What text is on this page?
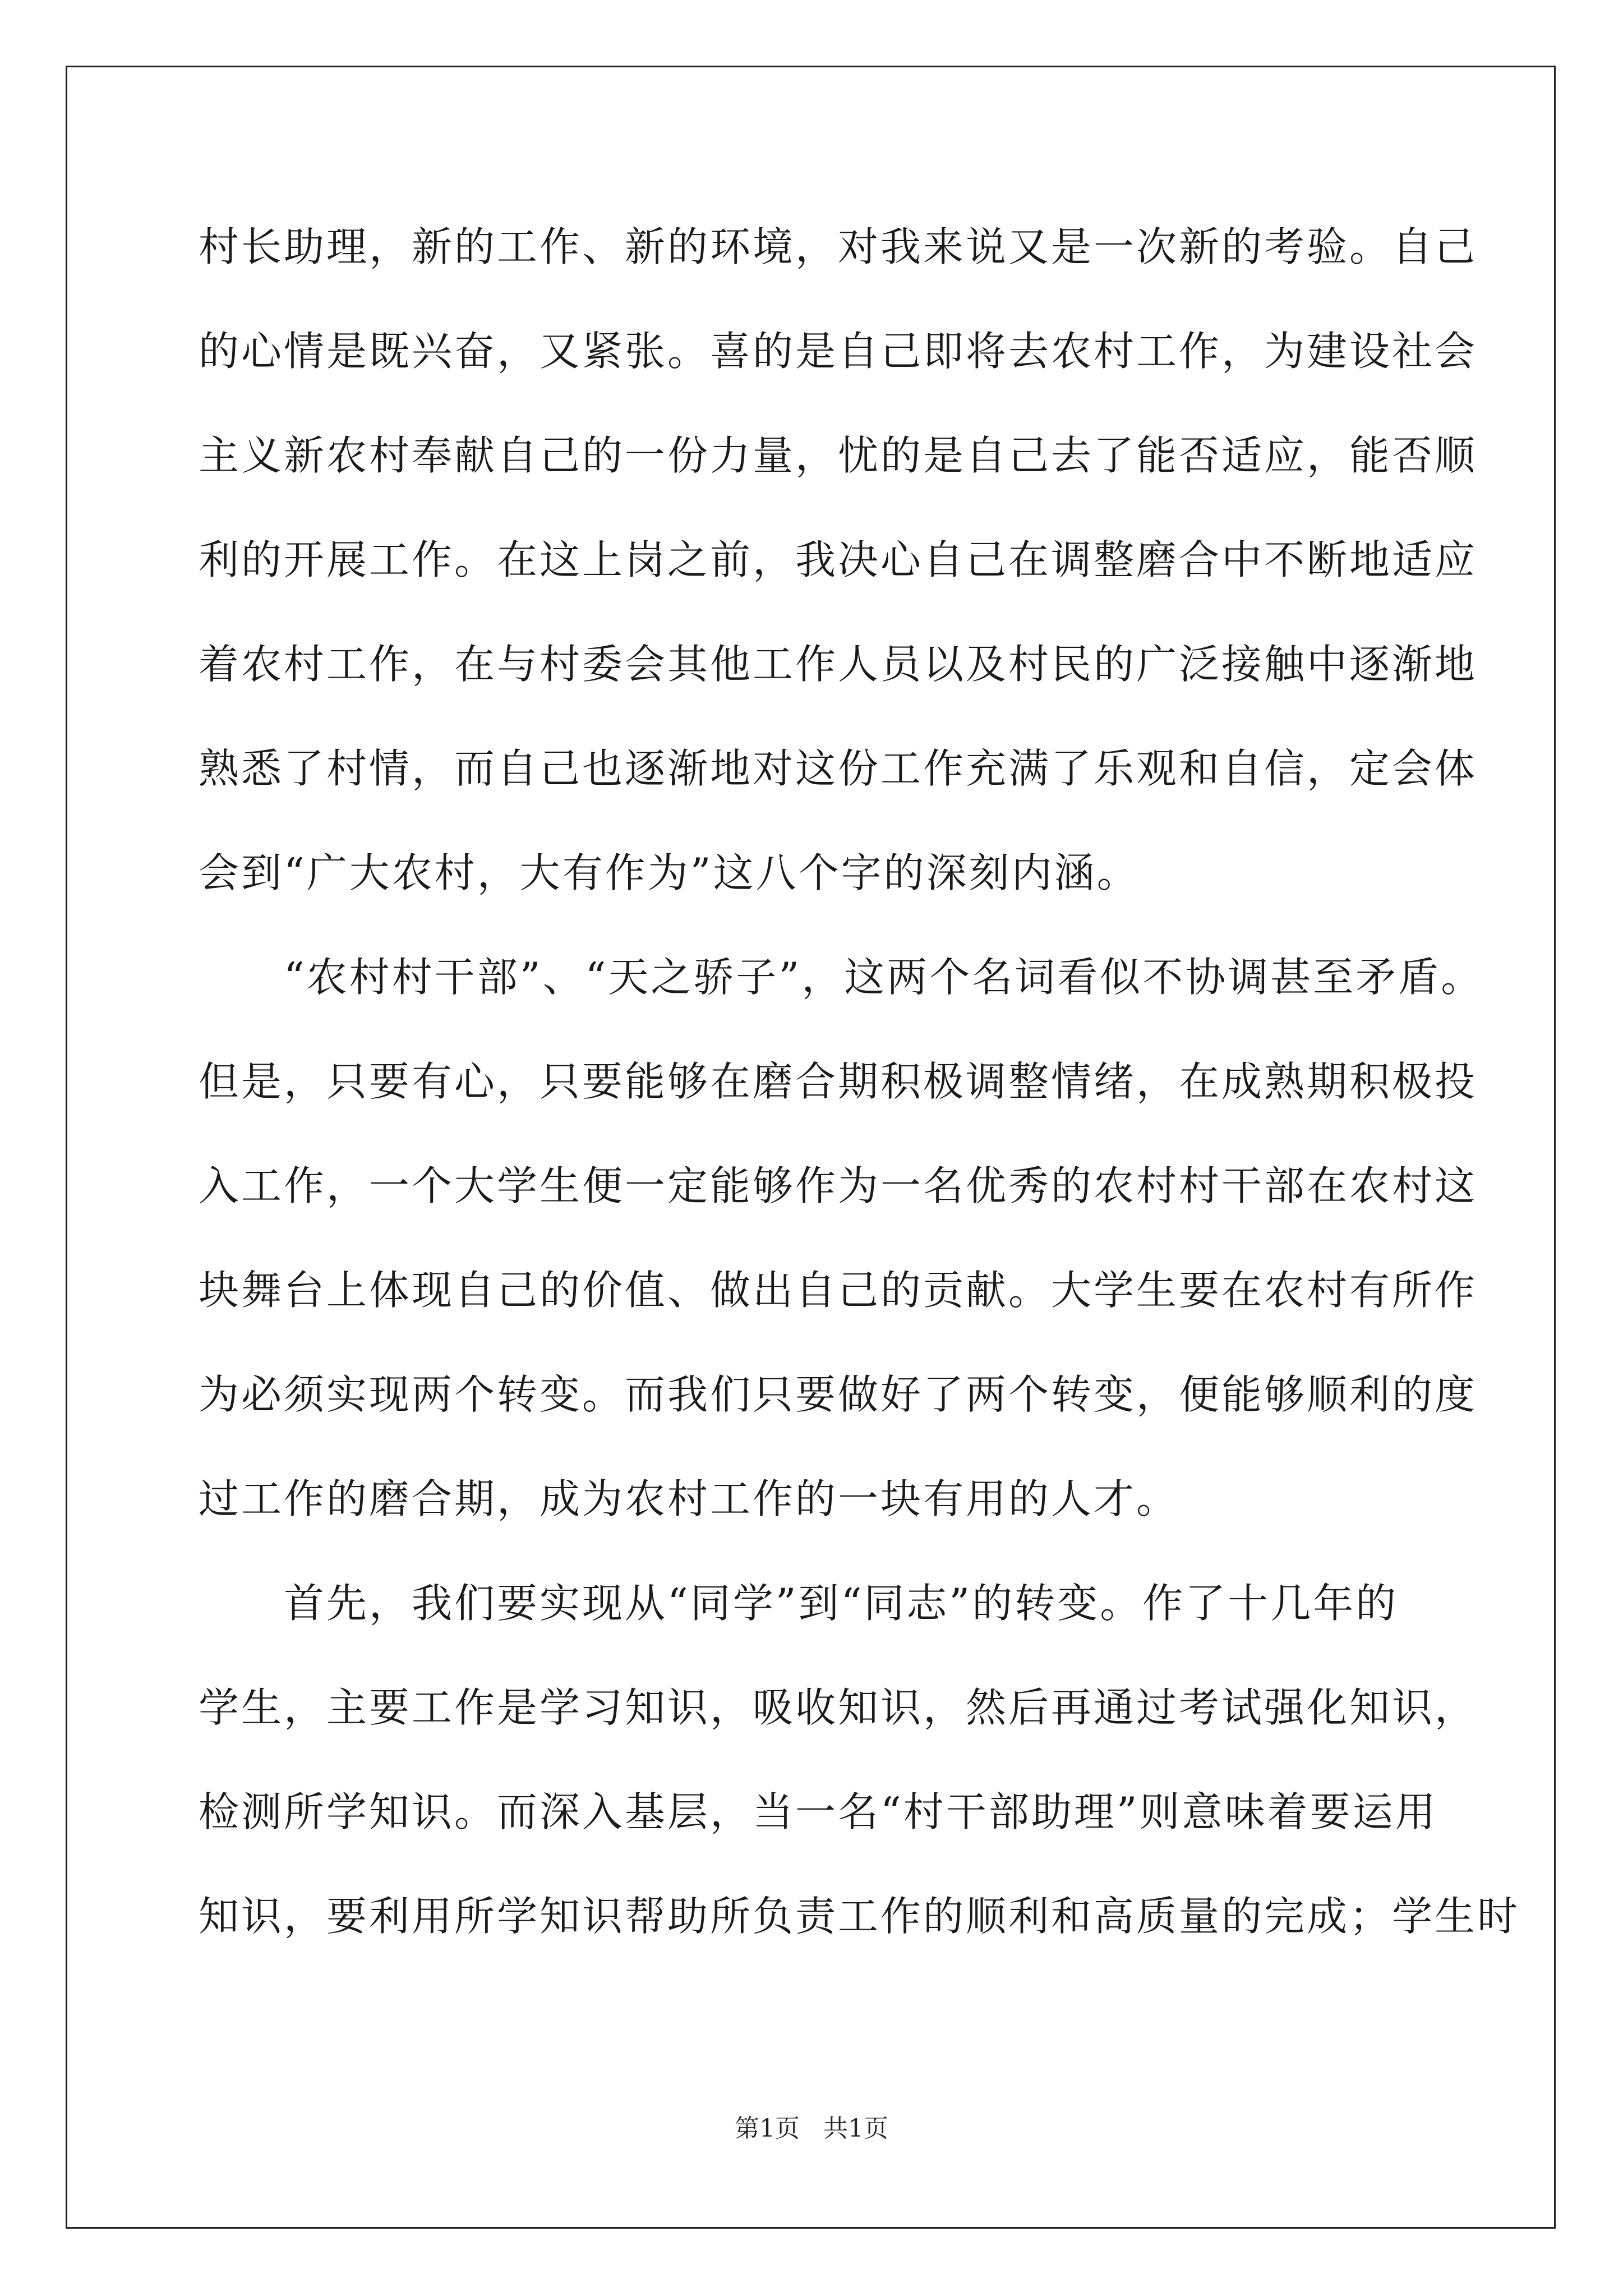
村长助理，新的工作、新的环境，对我来说又是一次新的考验。自己
的心情是既兴奋，又紧张。喜的是自己即将去农村工作，为建设社会
主义新农村奉献自己的一份力量，忧的是自己去了能否适应，能否顺
利的开展工作。在这上岗之前，我决心自己在调整磨合中不断地适应
着农村工作，在与村委会其他工作人员以及村民的广泛接触中逐渐地
熟悉了村情，而自己也逐渐地对这份工作充满了乐观和自信，定会体
会到“广大农村，大有作为”这八个字的深刻内涵。
　　“农村村干部”、“天之骄子”，这两个名词看似不协调甚至矛盾。
但是，只要有心，只要能够在磨合期积极调整情绪，在成熟期积极投
入工作，一个大学生便一定能够作为一名优秀的农村村干部在农村这
块舞台上体现自己的价值、做出自己的贡献。大学生要在农村有所作
为必须实现两个转变。而我们只要做好了两个转变，便能够顺利的度
过工作的磨合期，成为农村工作的一块有用的人才。
　　首先，我们要实现从“同学”到“同志”的转变。作了十几年的
学生，主要工作是学习知识，吸收知识，然后再通过考试强化知识，
检测所学知识。而深入基层，当一名“村干部助理”则意味着要运用
知识，要利用所学知识帮助所负责工作的顺利和高质量的完成；学生时
第1页 共1页
